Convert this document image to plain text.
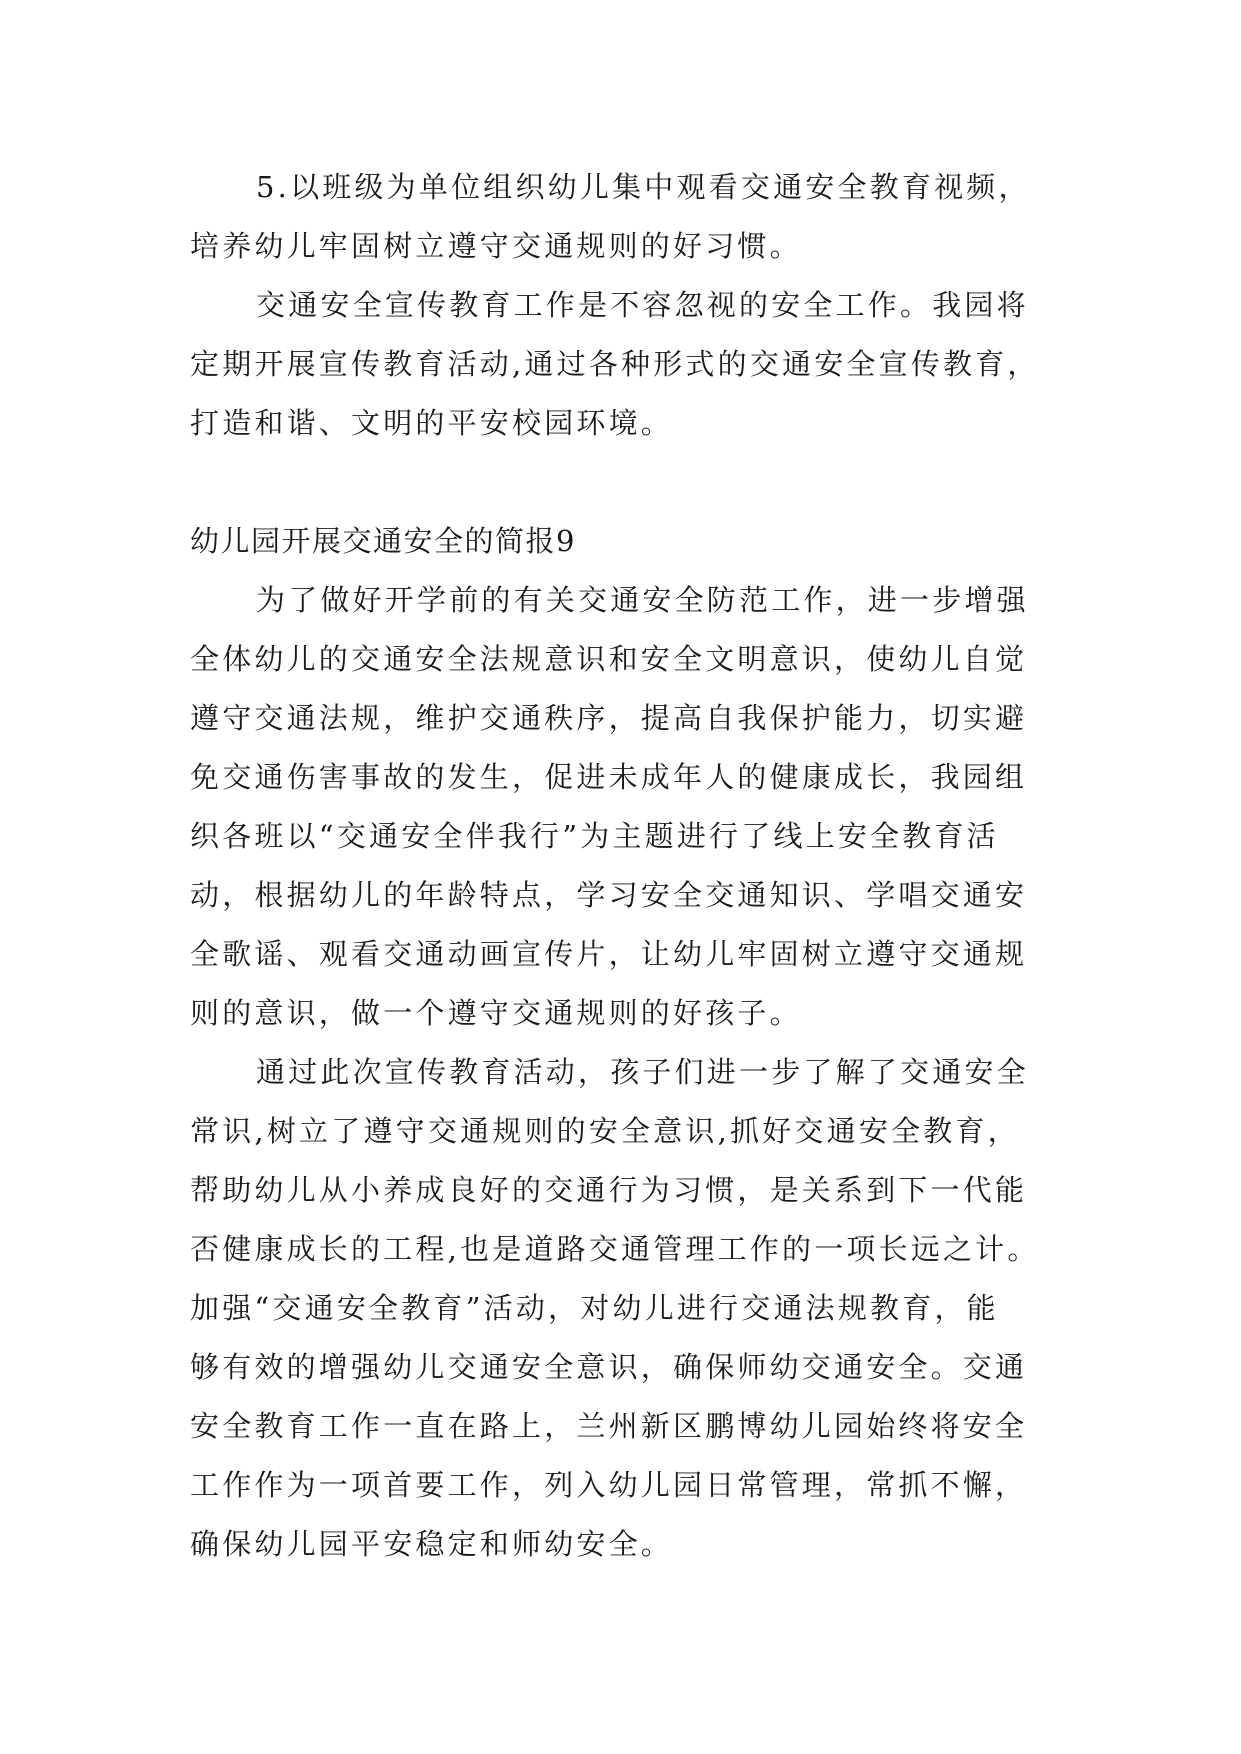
5.以班级为单位组织幼儿集中观看交通安全教育视频，
培养幼儿牢固树立遵守交通规则的好习惯。
交通安全宣传教育工作是不容忽视的安全工作。我园将
定期开展宣传教育活动,通过各种形式的交通安全宣传教育，
打造和谐、文明的平安校园环境。
幼儿园开展交通安全的简报9
为了做好开学前的有关交通安全防范工作，进一步增强
全体幼儿的交通安全法规意识和安全文明意识，使幼儿自觉
遵守交通法规，维护交通秩序，提高自我保护能力，切实避
免交通伤害事故的发生，促进未成年人的健康成长，我园组
织各班以“交通安全伴我行”为主题进行了线上安全教育活
动，根据幼儿的年龄特点，学习安全交通知识、学唱交通安
全歌谣、观看交通动画宣传片，让幼儿牢固树立遵守交通规
则的意识，做一个遵守交通规则的好孩子。
通过此次宣传教育活动，孩子们进一步了解了交通安全
常识,树立了遵守交通规则的安全意识,抓好交通安全教育，
帮助幼儿从小养成良好的交通行为习惯，是关系到下一代能
否健康成长的工程,也是道路交通管理工作的一项长远之计。
加强“交通安全教育”活动，对幼儿进行交通法规教育，能
够有效的增强幼儿交通安全意识，确保师幼交通安全。交通
安全教育工作一直在路上，兰州新区鹏博幼儿园始终将安全
工作作为一项首要工作，列入幼儿园日常管理，常抓不懈，
确保幼儿园平安稳定和师幼安全。
